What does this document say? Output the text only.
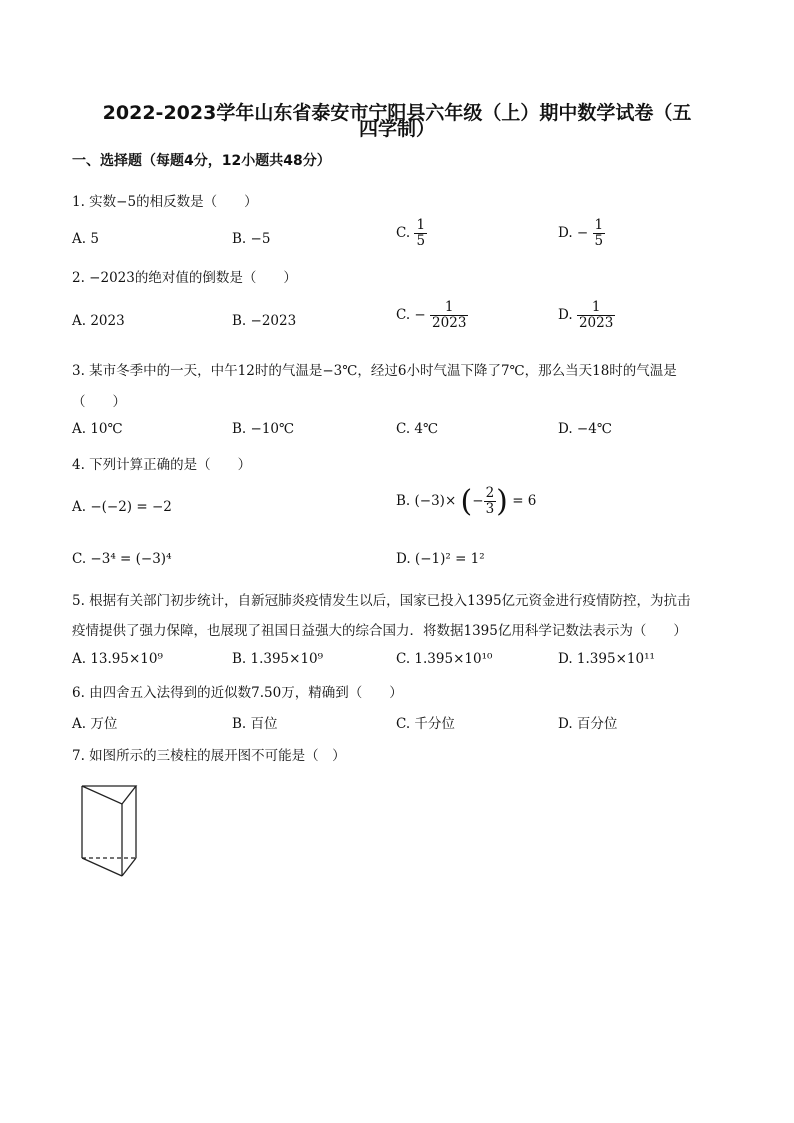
2022-2023学年山东省泰安市宁阳县六年级（上）期中数学试卷（五
四学制）
一、选择题（每题4分，12小题共48分）
1. 实数−5的相反数是（　　）
A. 5	B. −5	C. $\frac{1}{5}$	D. − $\frac{1}{5}$
2. −2023的绝对值的倒数是（　　）
A. 2023	B. −2023	C. − $\frac{1}{2023}$	D. $\frac{1}{2023}$
3. 某市冬季中的一天，中午12时的气温是−3℃，经过6小时气温下降了7℃，那么当天18时的气温是
（　　）
A. 10℃	B. −10℃	C. 4℃	D. −4℃
4. 下列计算正确的是（　　）
A. −(−2) = −2	B. (−3)× (− $\frac{2}{3}$ ) = 6
C. −3⁴ = (−3)⁴	D. (−1)² = 1²
5. 根据有关部门初步统计，自新冠肺炎疫情发生以后，国家已投入1395亿元资金进行疫情防控，为抗击
疫情提供了强力保障，也展现了祖国日益强大的综合国力．将数据1395亿用科学记数法表示为（　　）
A. 13.95×10⁹	B. 1.395×10⁹	C. 1.395×10¹⁰	D. 1.395×10¹¹
6. 由四舍五入法得到的近似数7.50万，精确到（　　）
A. 万位	B. 百位	C. 千分位	D. 百分位
7. 如图所示的三棱柱的展开图不可能是（　）
